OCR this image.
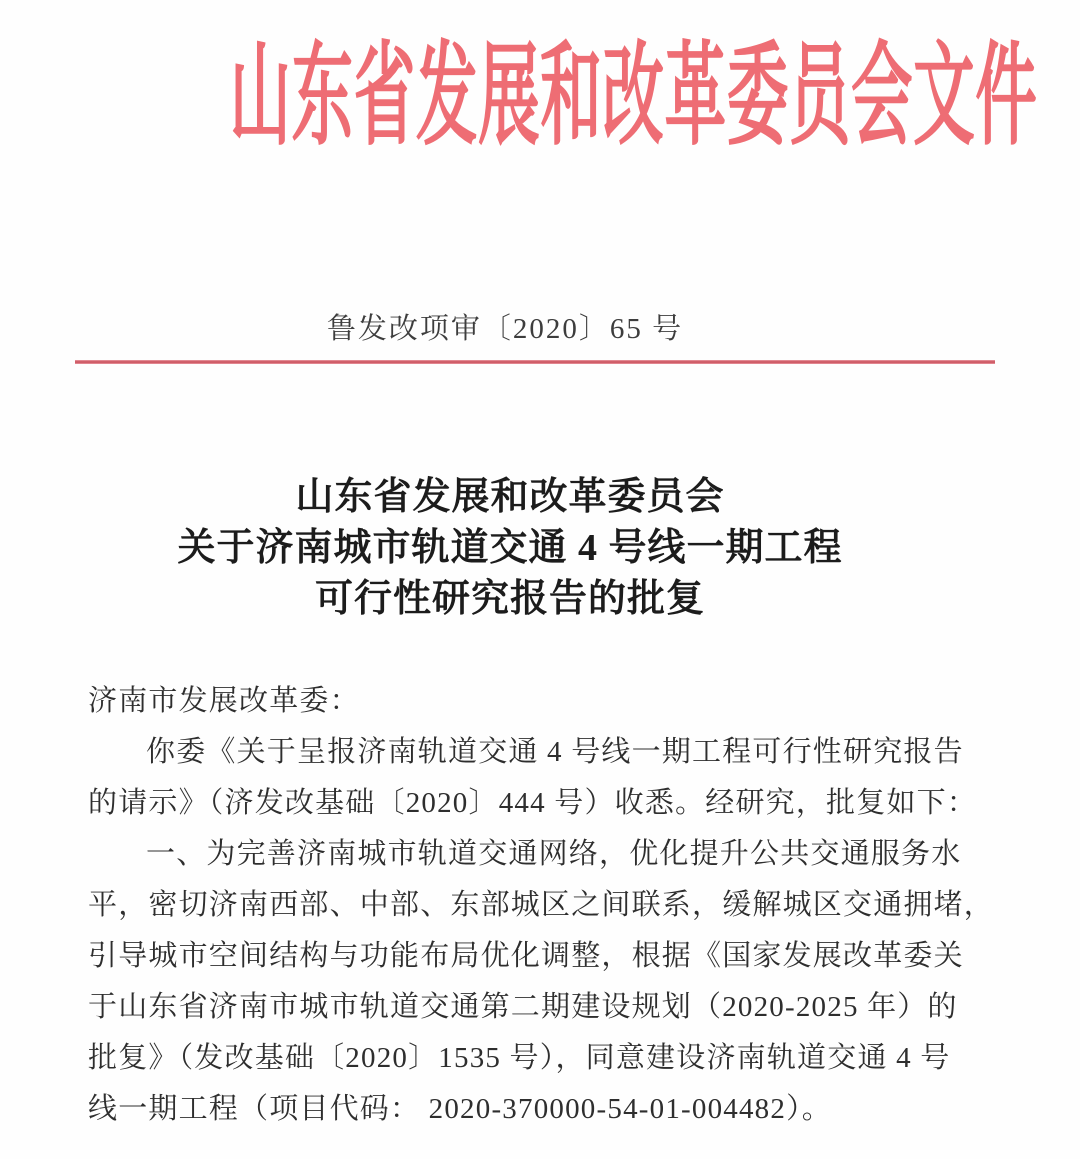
山东省发展和改革委员会文件
鲁发改项审〔2020〕65 号
山东省发展和改革委员会
关于济南城市轨道交通 4 号线一期工程
可行性研究报告的批复
济南市发展改革委：
你委《关于呈报济南轨道交通 4 号线一期工程可行性研究报告
的请示》（济发改基础〔2020〕444 号）收悉。经研究，批复如下：
一、为完善济南城市轨道交通网络，优化提升公共交通服务水
平，密切济南西部、中部、东部城区之间联系，缓解城区交通拥堵，
引导城市空间结构与功能布局优化调整，根据《国家发展改革委关
于山东省济南市城市轨道交通第二期建设规划（2020-2025 年）的
批复》（发改基础〔2020〕1535 号），同意建设济南轨道交通 4 号
线一期工程（项目代码： 2020-370000-54-01-004482）。
